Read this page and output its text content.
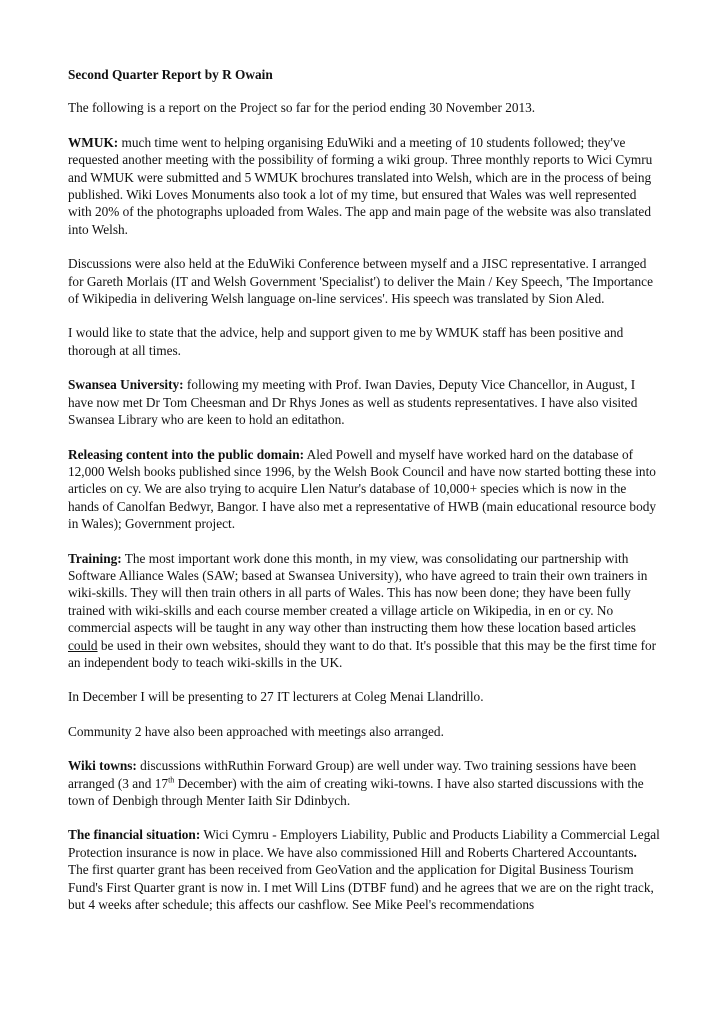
Second Quarter Report by R Owain

The following is a report on the Project so far for the period ending 30 November 2013.

WMUK: much time went to helping organising EduWiki and a meeting of 10 students followed; they've requested another meeting with the possibility of forming a wiki group. Three monthly reports to Wici Cymru and WMUK were submitted and 5 WMUK brochures translated into Welsh, which are in the process of being published. Wiki Loves Monuments also took a lot of my time, but ensured that Wales was well represented with 20% of the photographs uploaded from Wales. The app and main page of the website was also translated into Welsh.

Discussions were also held at the EduWiki Conference between myself and a JISC representative. I arranged for Gareth Morlais (IT and Welsh Government 'Specialist') to deliver the Main / Key Speech, 'The Importance of Wikipedia in delivering Welsh language on-line services'. His speech was translated by Sion Aled.

I would like to state that the advice, help and support given to me by WMUK staff has been positive and thorough at all times.

Swansea University: following my meeting with Prof. Iwan Davies, Deputy Vice Chancellor, in August, I have now met Dr Tom Cheesman and Dr Rhys Jones as well as students representatives. I have also visited Swansea Library who are keen to hold an editathon.

Releasing content into the public domain: Aled Powell and myself have worked hard on the database of 12,000 Welsh books published since 1996, by the Welsh Book Council and have now started botting these into articles on cy. We are also trying to acquire Llen Natur's database of 10,000+ species which is now in the hands of Canolfan Bedwyr, Bangor. I have also met a representative of HWB (main educational resource body in Wales); Government project.

Training: The most important work done this month, in my view, was consolidating our partnership with Software Alliance Wales (SAW; based at Swansea University), who have agreed to train their own trainers in wiki-skills. They will then train others in all parts of Wales. This has now been done; they have been fully trained with wiki-skills and each course member created a village article on Wikipedia, in en or cy. No commercial aspects will be taught in any way other than instructing them how these location based articles could be used in their own websites, should they want to do that. It's possible that this may be the first time for an independent body to teach wiki-skills in the UK.

In December I will be presenting to 27 IT lecturers at Coleg Menai Llandrillo.

Community 2 have also been approached with meetings also arranged.

Wiki towns: discussions withRuthin Forward Group) are well under way. Two training sessions have been arranged (3 and 17th December) with the aim of creating wiki-towns. I have also started discussions with the town of Denbigh through Menter Iaith Sir Ddinbych.

The financial situation: Wici Cymru - Employers Liability, Public and Products Liability a Commercial Legal Protection insurance is now in place. We have also commissioned Hill and Roberts Chartered Accountants. The first quarter grant has been received from GeoVation and the application for Digital Business Tourism Fund's First Quarter grant is now in. I met Will Lins (DTBF fund) and he agrees that we are on the right track, but 4 weeks after schedule; this affects our cashflow. See Mike Peel's recommendations
